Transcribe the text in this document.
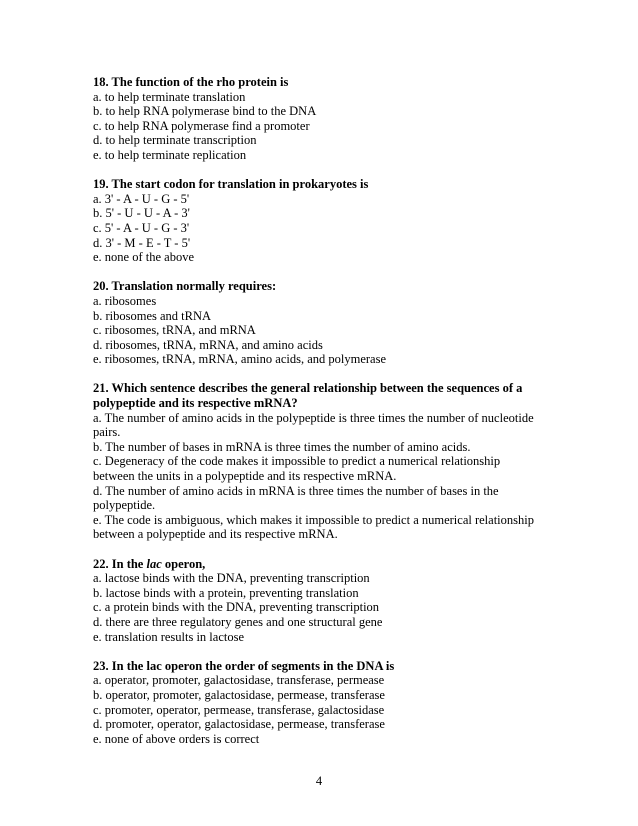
18. The function of the rho protein is

a. to help terminate translation

b. to help RNA polymerase bind to the DNA

c. to help RNA polymerase find a promoter

d. to help terminate transcription

e. to help terminate replication

19. The start codon for translation in prokaryotes is

a. 3' - A - U - G - 5'

b. 5' - U - U - A - 3'

c. 5' - A - U - G - 3'

d. 3' - M - E - T - 5'

e. none of the above

20. Translation normally requires:

a. ribosomes

b. ribosomes and tRNA

c. ribosomes, tRNA, and mRNA

d. ribosomes, tRNA, mRNA, and amino acids

e. ribosomes, tRNA, mRNA, amino acids, and polymerase

21. Which sentence describes the general relationship between the sequences of a polypeptide and its respective mRNA?

a. The number of amino acids in the polypeptide is three times the number of nucleotide pairs.

b. The number of bases in mRNA is three times the number of amino acids.

c. Degeneracy of the code makes it impossible to predict a numerical relationship between the units in a polypeptide and its respective mRNA.

d. The number of amino acids in mRNA is three times the number of bases in the polypeptide.

e. The code is ambiguous, which makes it impossible to predict a numerical relationship between a polypeptide and its respective mRNA.

22. In the lac operon,

a. lactose binds with the DNA, preventing transcription

b. lactose binds with a protein, preventing translation

c. a protein binds with the DNA, preventing transcription

d. there are three regulatory genes and one structural gene

e. translation results in lactose

23. In the lac operon the order of segments in the DNA is

a. operator, promoter, galactosidase, transferase, permease

b. operator, promoter, galactosidase, permease, transferase

c. promoter, operator, permease, transferase, galactosidase

d. promoter, operator, galactosidase, permease, transferase

e. none of above orders is correct

4
